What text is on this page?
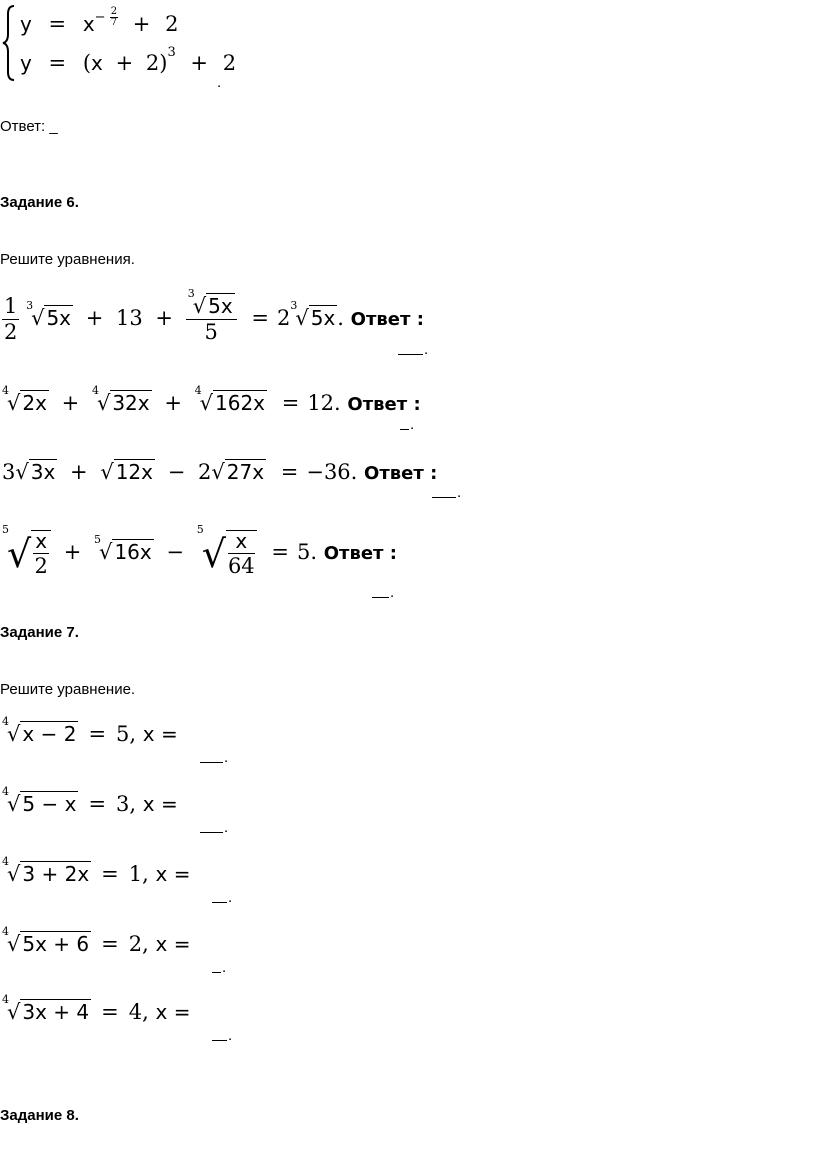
$y = x^{- \frac{2}{7}} + 2$
$y = (x + 2)^3 + 2$
.
Ответ: _
Задание 6.
Решите уравнения.
$\frac{1}{2}$
3
√ 5x + 13 + 3
√ 5x
5 = 2
3
√ 5x. Ответ :
.
4
√ 2x +
4
√ 32x +
4
√ 162x = 12. Ответ :
.
3√ 3x + √ 12x − 2√ 27x = −36. Ответ :
.
5
√ $\frac{x}{2}$ +
5
√ 16x −
5
√ $\frac{x}{64} = 5$. Ответ :
.
Задание 7.
Решите уравнение.
4
√ x − 2 = 5, x =
.
4
√ 5 − x = 3, x =
.
4
√ 3 + 2x = 1, x =
.
4
√ 5x + 6 = 2, x =
.
4
√ 3x + 4 = 4, x =
.
Задание 8.
